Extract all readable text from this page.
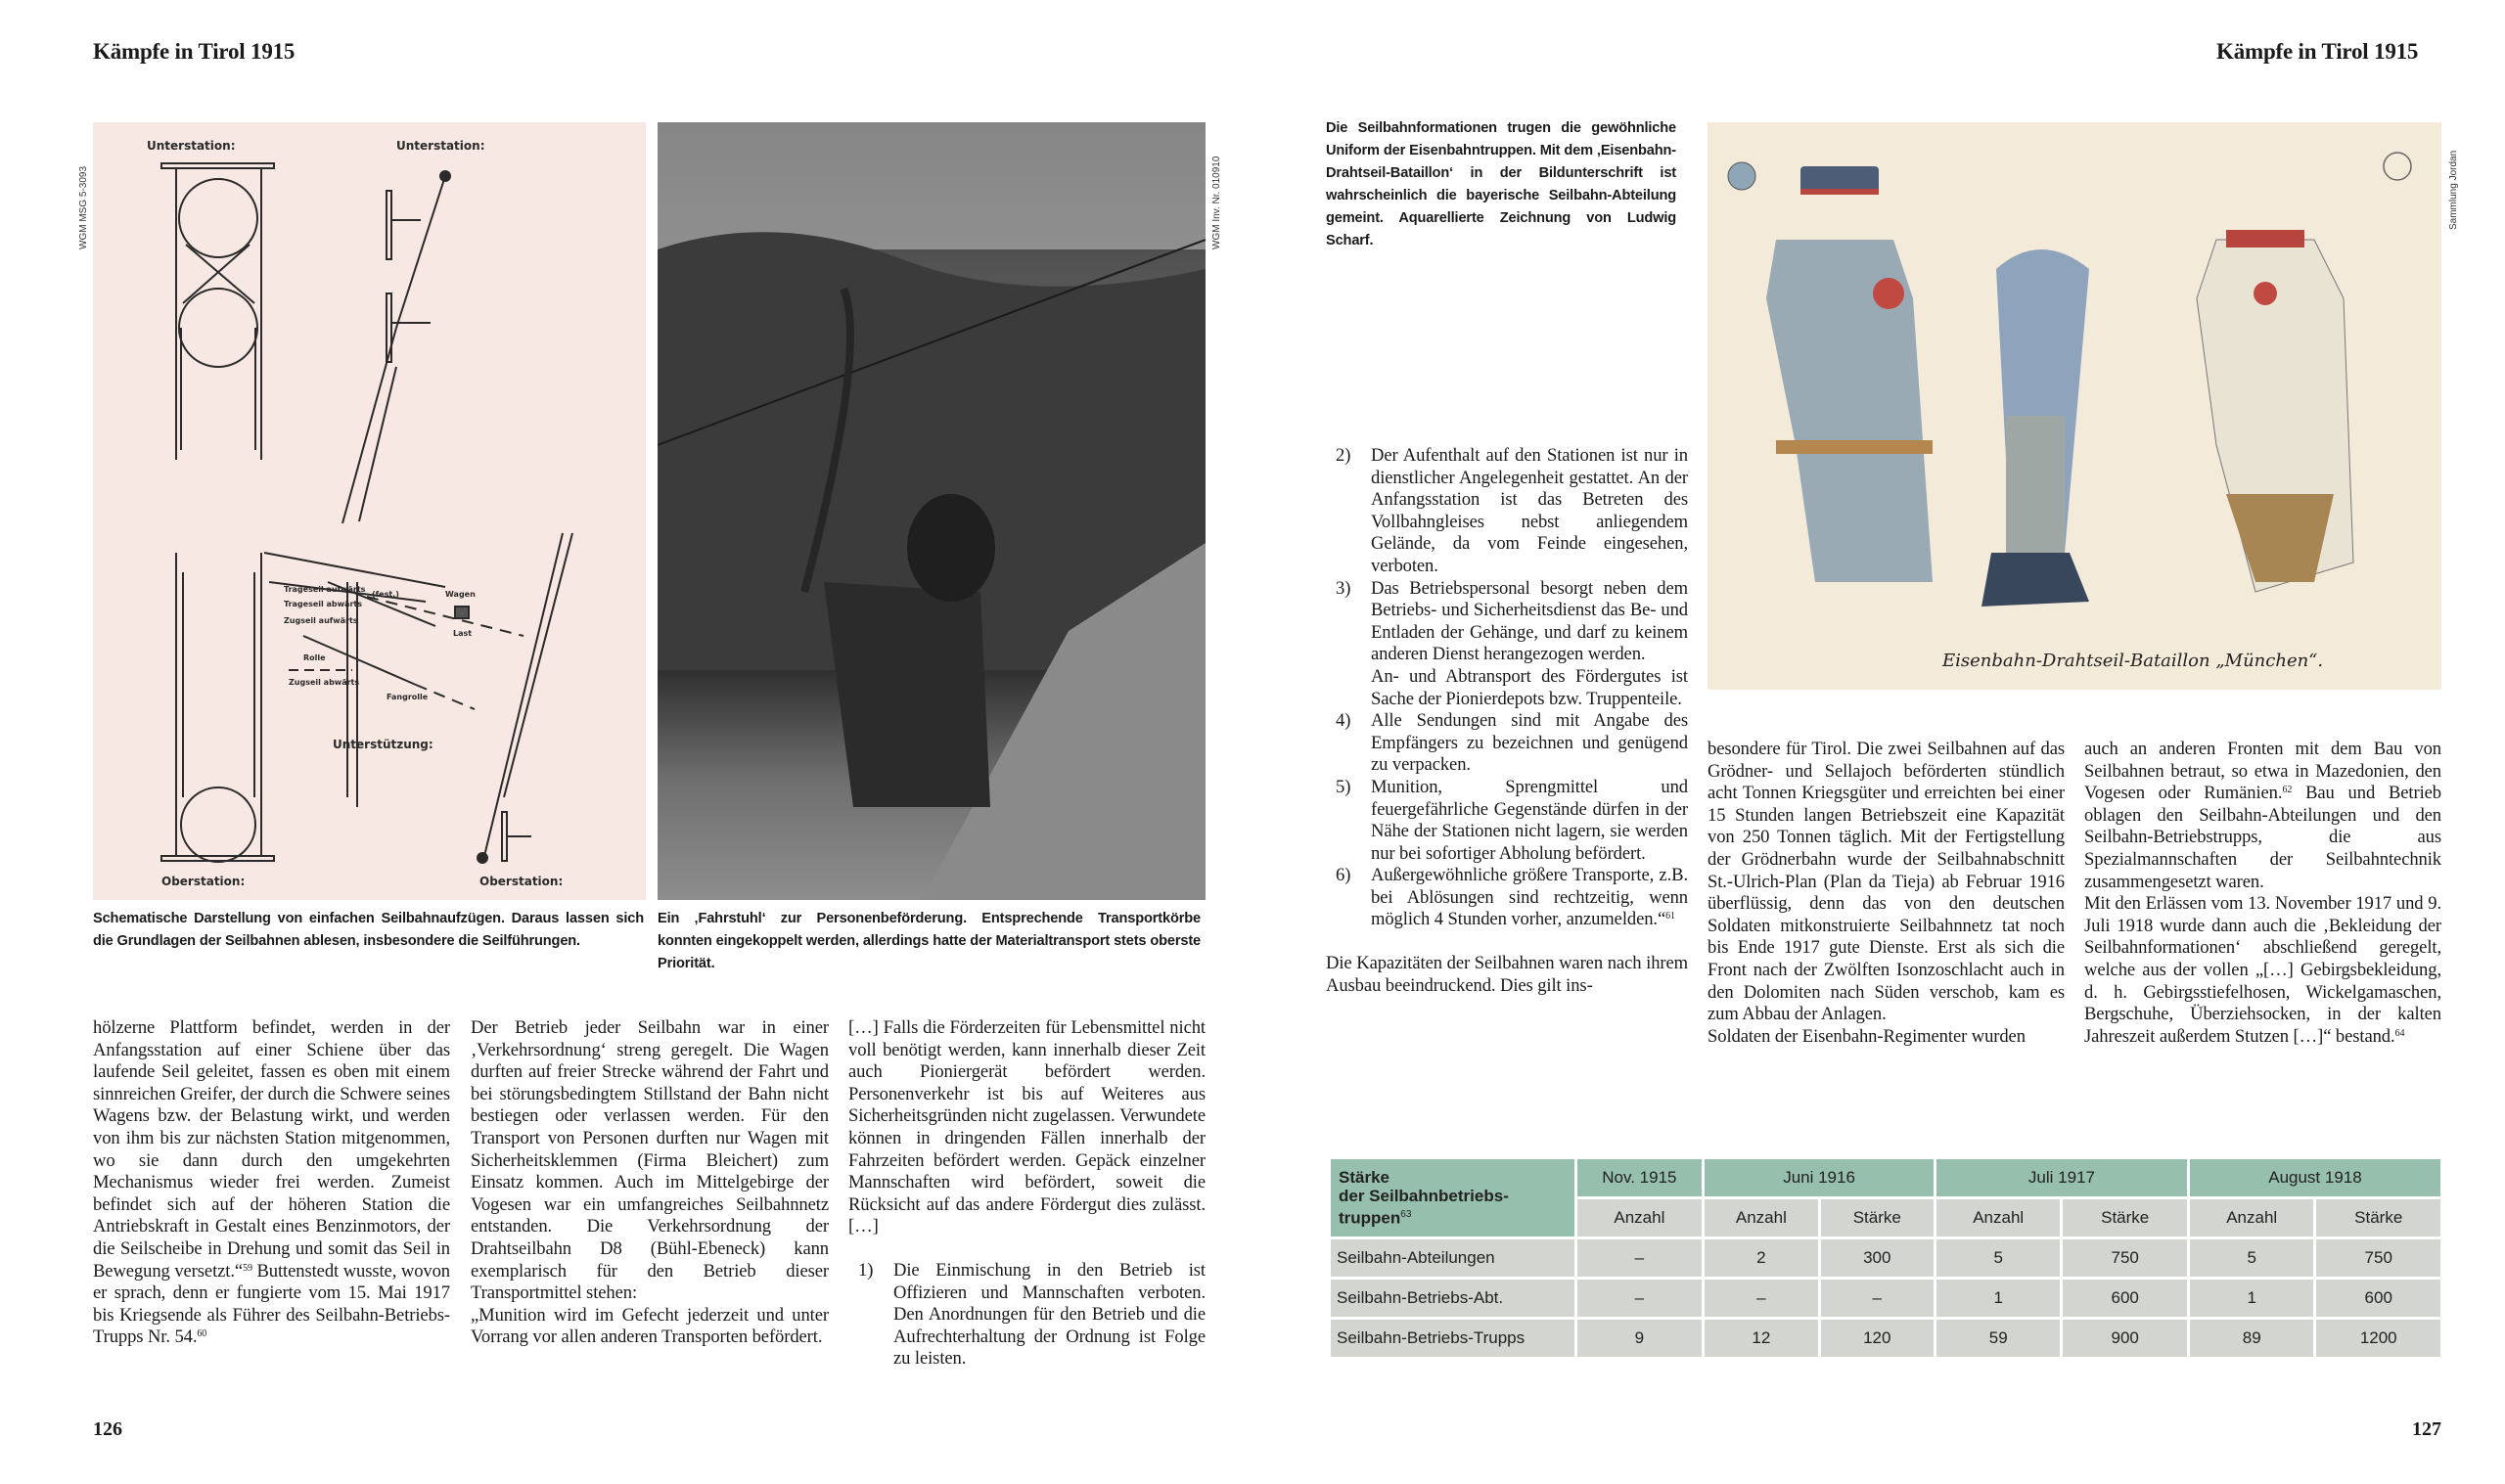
Kämpfe in Tirol 1915
WGM MSG 5-3093
Unterstation:	Unterstation:
Unterstützung:
Oberstation:	Oberstation:
Trageseil aufwärts
Trageseil abwärts
Zugseil aufwärts
Zugseil abwärts
(fest.)	Wagen
Last
Fangrolle
Rolle
WGM Inv. Nr. 010910
Schematische Darstellung von einfachen Seilbahnaufzügen. Daraus lassen sich die Grundlagen der Seilbahnen ablesen, insbesondere die Seilführungen.
Ein ‚Fahrstuhl‘ zur Personenbeförderung. Entsprechende Transportkörbe konnten eingekoppelt werden, allerdings hatte der Materialtransport stets oberste Priorität.

hölzerne Plattform befindet, werden in der Anfangsstation auf einer Schiene über das laufende Seil geleitet, fassen es oben mit einem sinnreichen Greifer, der durch die Schwere seines Wagens bzw. der Belastung wirkt, und werden von ihm bis zur nächsten Station mitgenommen, wo sie dann durch den umgekehrten Mechanismus wieder frei werden. Zumeist befindet sich auf der höheren Station die Antriebskraft in Gestalt eines Benzinmotors, der die Seilscheibe in Drehung und somit das Seil in Bewegung versetzt.“$^{59}$ Buttenstedt wusste, wovon er sprach, denn er fungierte vom 15. Mai 1917 bis Kriegsende als Führer des Seilbahn-Betriebs-Trupps Nr. 54.60

Der Betrieb jeder Seilbahn war in einer ‚Verkehrsordnung‘ streng geregelt. Die Wagen durften auf freier Strecke während der Fahrt und bei störungsbedingtem Stillstand der Bahn nicht bestiegen oder verlassen werden. Für den Transport von Personen durften nur Wagen mit Sicherheitsklemmen (Firma Bleichert) zum Einsatz kommen. Auch im Mittelgebirge der Vogesen war ein umfangreiches Seilbahnnetz entstanden. Die Verkehrsordnung der Drahtseilbahn D8 (Bühl-Ebeneck) kann exemplarisch für den Betrieb dieser Transportmittel stehen:

„Munition wird im Gefecht jederzeit und unter Vorrang vor allen anderen Transporten befördert.

[…] Falls die Förderzeiten für Lebensmittel nicht voll benötigt werden, kann innerhalb dieser Zeit auch Pioniergerät befördert werden. Personenverkehr ist bis auf Weiteres aus Sicherheitsgründen nicht zugelassen. Verwundete können in dringenden Fällen innerhalb der Fahrzeiten befördert werden. Gepäck einzelner Mannschaften wird befördert, soweit die Rücksicht auf das andere Fördergut dies zulässt. […]

1) Die Einmischung in den Betrieb ist Offizieren und Mannschaften verboten. Den Anordnungen für den Betrieb und die Aufrechterhaltung der Ordnung ist Folge zu leisten.
126
Kämpfe in Tirol 1915
Die Seilbahnformationen trugen die gewöhnliche Uniform der Eisenbahntruppen. Mit dem ‚Eisenbahn-Drahtseil-Bataillon‘ in der Bildunterschrift ist wahrscheinlich die bayerische Seilbahn-Abteilung gemeint. Aquarellierte Zeichnung von Ludwig Scharf.
Eisenbahn-Drahtseil-Bataillon „München“.
Sammlung Jordan
2) Der Aufenthalt auf den Stationen ist nur in dienstlicher Angelegenheit gestattet. An der Anfangsstation ist das Betreten des Vollbahngleises nebst anliegendem Gelände, da vom Feinde eingesehen, verboten.
3) Das Betriebspersonal besorgt neben dem Betriebs- und Sicherheitsdienst das Be- und Entladen der Gehänge, und darf zu keinem anderen Dienst herangezogen werden.
An- und Abtransport des Fördergutes ist Sache der Pionierdepots bzw. Truppenteile.
4) Alle Sendungen sind mit Angabe des Empfängers zu bezeichnen und genügend zu verpacken.
5) Munition, Sprengmittel und feuergefährliche Gegenstände dürfen in der Nähe der Stationen nicht lagern, sie werden nur bei sofortiger Abholung befördert.
6) Außergewöhnliche größere Transporte, z.B. bei Ablösungen sind rechtzeitig, wenn möglich 4 Stunden vorher, anzumelden.“$^{61}$

Die Kapazitäten der Seilbahnen waren nach ihrem Ausbau beeindruckend. Dies gilt ins-

besondere für Tirol. Die zwei Seilbahnen auf das Grödner- und Sellajoch beförderten stündlich acht Tonnen Kriegsgüter und erreichten bei einer 15 Stunden langen Betriebszeit eine Kapazität von 250 Tonnen täglich. Mit der Fertigstellung der Grödnerbahn wurde der Seilbahnabschnitt St.-Ulrich-Plan (Plan da Tieja) ab Februar 1916 überflüssig, denn das von den deutschen Soldaten mitkonstruierte Seilbahnnetz tat noch bis Ende 1917 gute Dienste. Erst als sich die Front nach der Zwölften Isonzoschlacht auch in den Dolomiten nach Süden verschob, kam es zum Abbau der Anlagen.

Soldaten der Eisenbahn-Regimenter wurden

auch an anderen Fronten mit dem Bau von Seilbahnen betraut, so etwa in Mazedonien, den Vogesen oder Rumänien.$^{62}$ Bau und Betrieb oblagen den Seilbahn-Abteilungen und den Seilbahn-Betriebstrupps, die aus Spezialmannschaften der Seilbahntechnik zusammengesetzt waren.

Mit den Erlässen vom 13. November 1917 und 9. Juli 1918 wurde dann auch die ‚Bekleidung der Seilbahnformationen‘ abschließend geregelt, welche aus der vollen „[…] Gebirgsbekleidung, d. h. Gebirgsstiefelhosen, Wickelgamaschen, Bergschuhe, Überziehsocken, in der kalten Jahreszeit außerdem Stutzen […]“ bestand.$^{64}$

Stärke
der Seilbahnbetriebs-
truppen$^{63}$	Nov. 1915	Juni 1916		Juli 1917		August 1918	
	Anzahl	Anzahl	Stärke	Anzahl	Stärke	Anzahl	Stärke
Seilbahn-Abteilungen	–	2	300	5	750	5	750
Seilbahn-Betriebs-Abt.	–	–	–	1	600	1	600
Seilbahn-Betriebs-Trupps	9	12	120	59	900	89	1200
127
